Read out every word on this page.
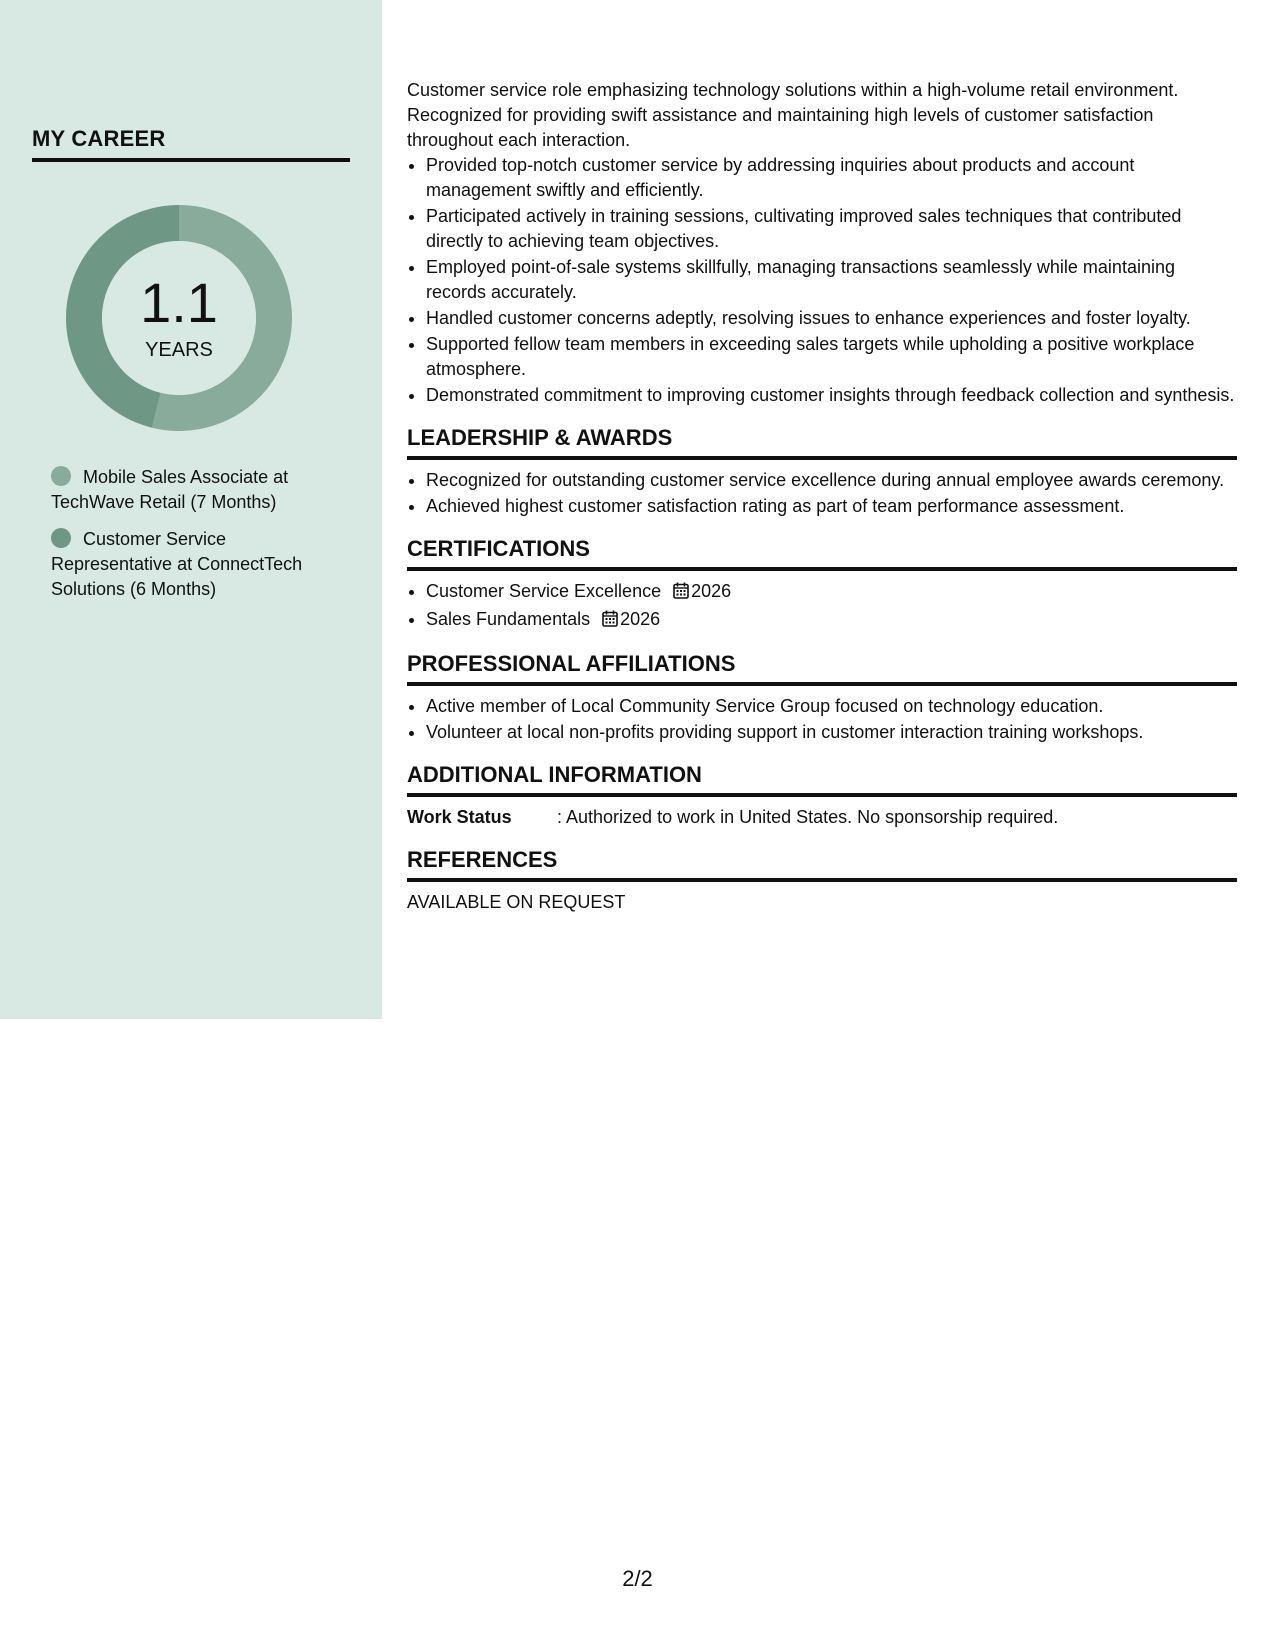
MY CAREER
1.1
YEARS
Mobile Sales Associate at TechWave Retail (7 Months)
Customer Service Representative at ConnectTech Solutions (6 Months)

Customer service role emphasizing technology solutions within a high-volume retail environment. Recognized for providing swift assistance and maintaining high levels of customer satisfaction throughout each interaction.

• Provided top-notch customer service by addressing inquiries about products and account management swiftly and efficiently.
• Participated actively in training sessions, cultivating improved sales techniques that contributed directly to achieving team objectives.
• Employed point-of-sale systems skillfully, managing transactions seamlessly while maintaining records accurately.
• Handled customer concerns adeptly, resolving issues to enhance experiences and foster loyalty.
• Supported fellow team members in exceeding sales targets while upholding a positive workplace atmosphere.
• Demonstrated commitment to improving customer insights through feedback collection and synthesis.
LEADERSHIP & AWARDS
• Recognized for outstanding customer service excellence during annual employee awards ceremony.
• Achieved highest customer satisfaction rating as part of team performance assessment.
CERTIFICATIONS
• Customer Service Excellence 2026
• Sales Fundamentals 2026
PROFESSIONAL AFFILIATIONS
• Active member of Local Community Service Group focused on technology education.
• Volunteer at local non-profits providing support in customer interaction training workshops.
ADDITIONAL INFORMATION
Work Status	: Authorized to work in United States. No sponsorship required.
REFERENCES
AVAILABLE ON REQUEST
2/2
